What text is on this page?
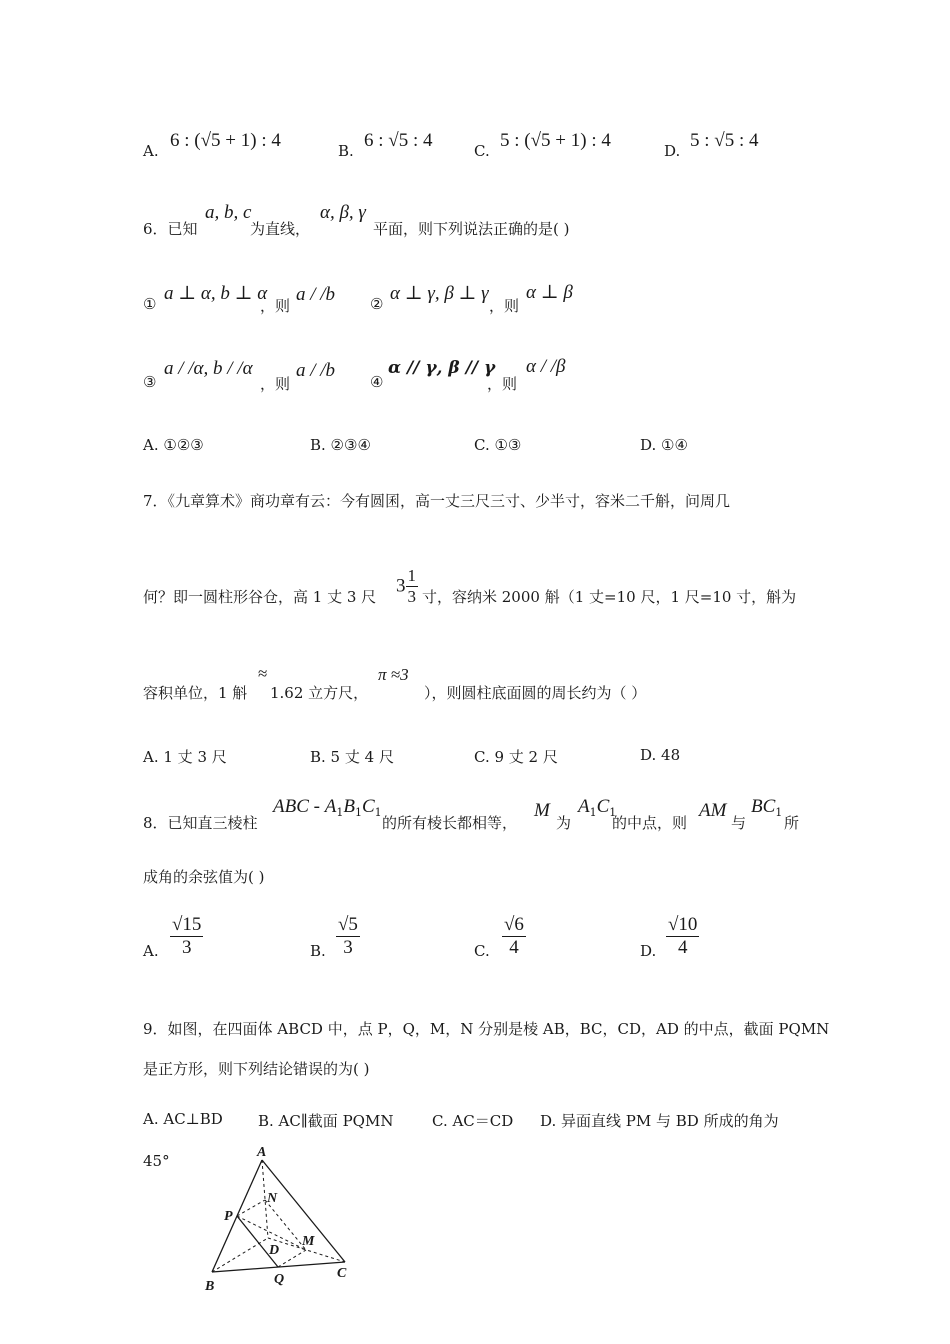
A. 6 : (√5 + 1) : 4	B. 6 : √5 : 4	C. 5 : (√5 + 1) : 4	D. 5 : √5 : 4
6．已知
a, b, c
为直线，
α, β, γ
平面，则下列说法正确的是( )
① a ⊥ α, b ⊥ α
，则
a / /b ② α ⊥ γ, β ⊥ γ
，则
α ⊥ β
③
a / /α, b / /α
，则
a / /b
④
α // γ, β // γ
，则
α / /β
A. ①②③	B. ②③④	C. ①③	D. ①④
7．《九章算术》商功章有云：今有圆囷，高一丈三尺三寸、少半寸，容米二千斛，问周几
何？即一圆柱形谷仓，高 1 丈 3 尺
$3 \frac{1}{3}$ 寸，容纳米 2000 斛（1 丈=10 尺，1 尺=10 寸，斛为
容积单位，1 斛
≈
1.62 立方尺，
π ≈3
），则圆柱底面圆的周长约为（ ）
A. 1 丈 3 尺	B. 5 丈 4 尺	C. 9 丈 2 尺	D. 48
8．已知直三棱柱
ABC - $A_1B_1C_1$
的所有棱长都相等，
M
为
$A_1C_1$
的中点，则
AM
与
$BC_1$
所
成角的余弦值为( )
A. $\frac{√15}{3}$	B. $\frac{√5}{3}$	C. $\frac{√6}{4}$	D. $\frac{√10}{4}$
9．如图，在四面体 ABCD 中，点 P，Q，M，N 分别是棱 AB，BC，CD，AD 的中点，截面 PQMN
是正方形，则下列结论错误的为( )
A. AC⊥BD B. AC∥截面 PQMN	C. AC＝CD D. 异面直线 PM 与 BD 所成的角为
45°	A
B
C
D
P
Q
M
N
